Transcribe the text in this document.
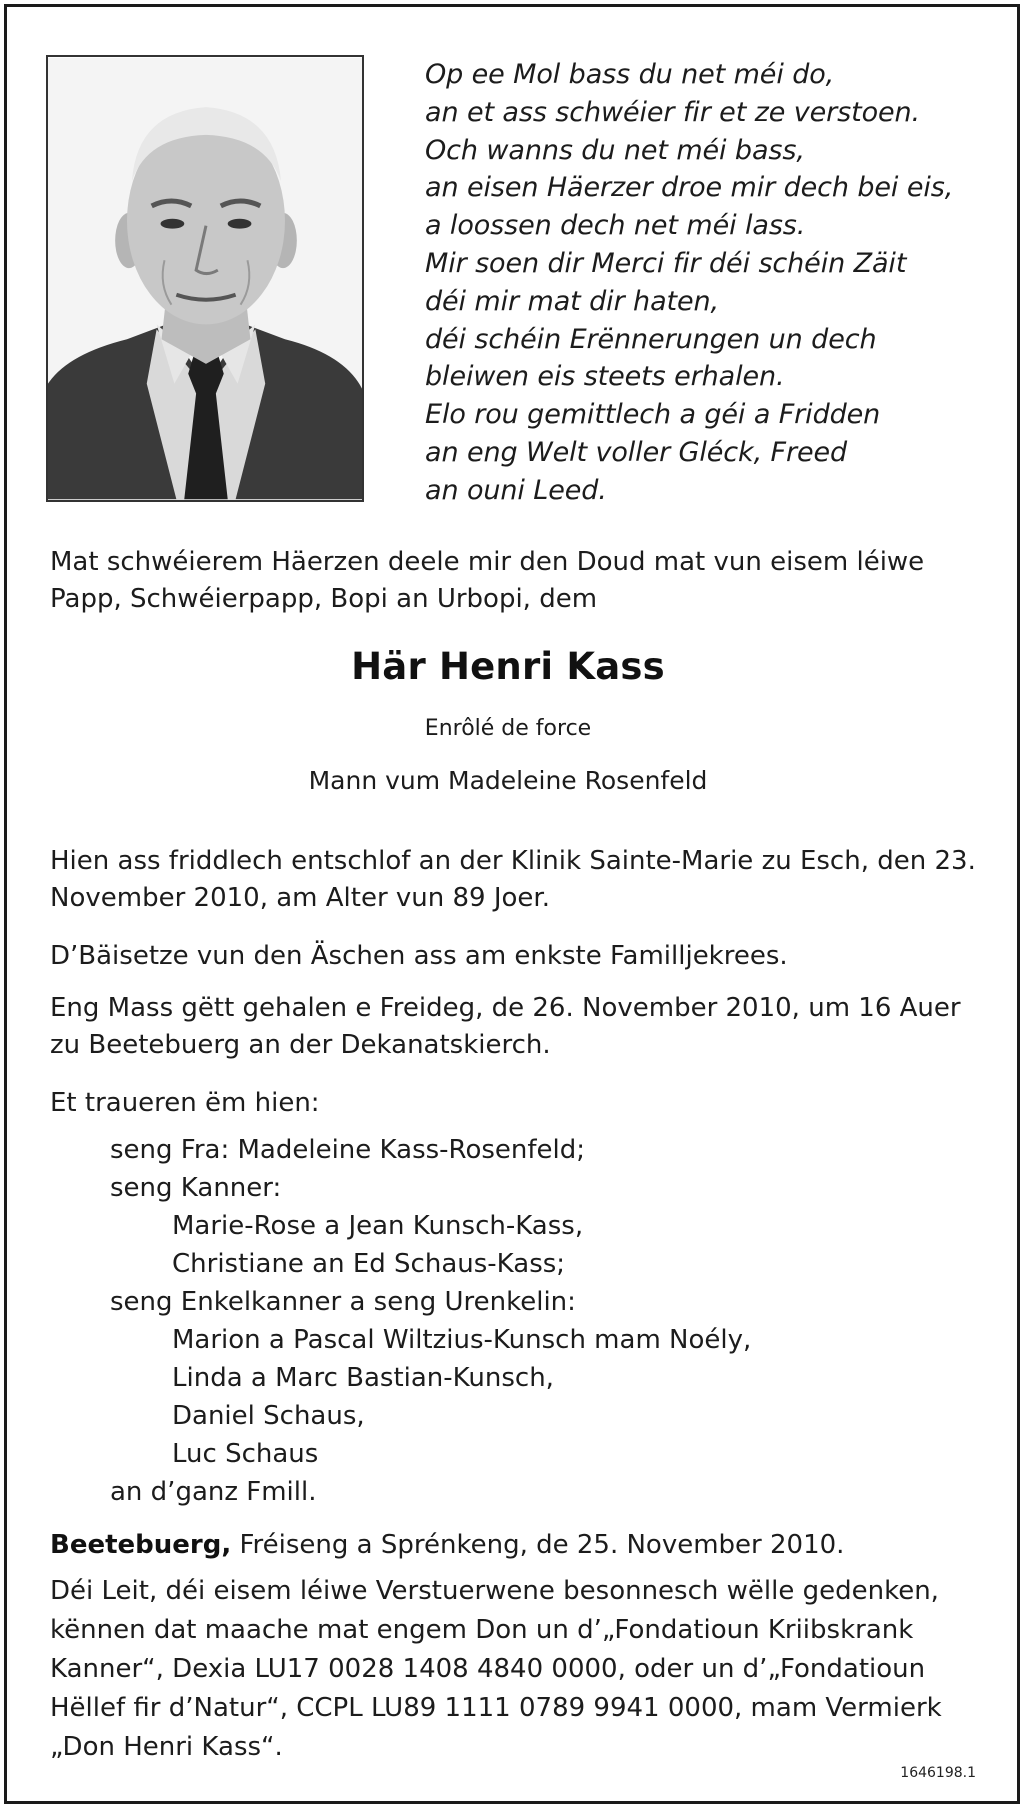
Op ee Mol bass du net méi do,
an et ass schwéier fir et ze verstoen.
Och wanns du net méi bass,
an eisen Häerzer droe mir dech bei eis,
a loossen dech net méi lass.
Mir soen dir Merci fir déi schéin Zäit
déi mir mat dir haten,
déi schéin Erënnerungen un dech
bleiwen eis steets erhalen.
Elo rou gemittlech a géi a Fridden
an eng Welt voller Gléck, Freed
an ouni Leed.
Mat schwéierem Häerzen deele mir den Doud mat vun eisem léiwe Papp, Schwéierpapp, Bopi an Urbopi, dem
Här Henri Kass
Enrôlé de force
Mann vum Madeleine Rosenfeld
Hien ass friddlech entschlof an der Klinik Sainte-Marie zu Esch, den 23. November 2010, am Alter vun 89 Joer.
D’Bäisetze vun den Äschen ass am enkste Familljekrees.
Eng Mass gëtt gehalen e Freideg, de 26. November 2010, um 16 Auer zu Beetebuerg an der Dekanatskierch.
Et traueren ëm hien:
seng Fra: Madeleine Kass-Rosenfeld;
seng Kanner:
Marie-Rose a Jean Kunsch-Kass,
Christiane an Ed Schaus-Kass;
seng Enkelkanner a seng Urenkelin:
Marion a Pascal Wiltzius-Kunsch mam Noély,
Linda a Marc Bastian-Kunsch,
Daniel Schaus,
Luc Schaus
an d’ganz Fmill.
Beetebuerg, Fréiseng a Sprénkeng, de 25. November 2010.
Déi Leit, déi eisem léiwe Verstuerwene besonnesch wëlle gedenken, kënnen dat maache mat engem Don un d’„Fondatioun Kriibskrank Kanner“, Dexia LU17 0028 1408 4840 0000, oder un d’„Fondatioun Hëllef fir d’Natur“, CCPL LU89 1111 0789 9941 0000, mam Vermierk „Don Henri Kass“.
1646198.1
